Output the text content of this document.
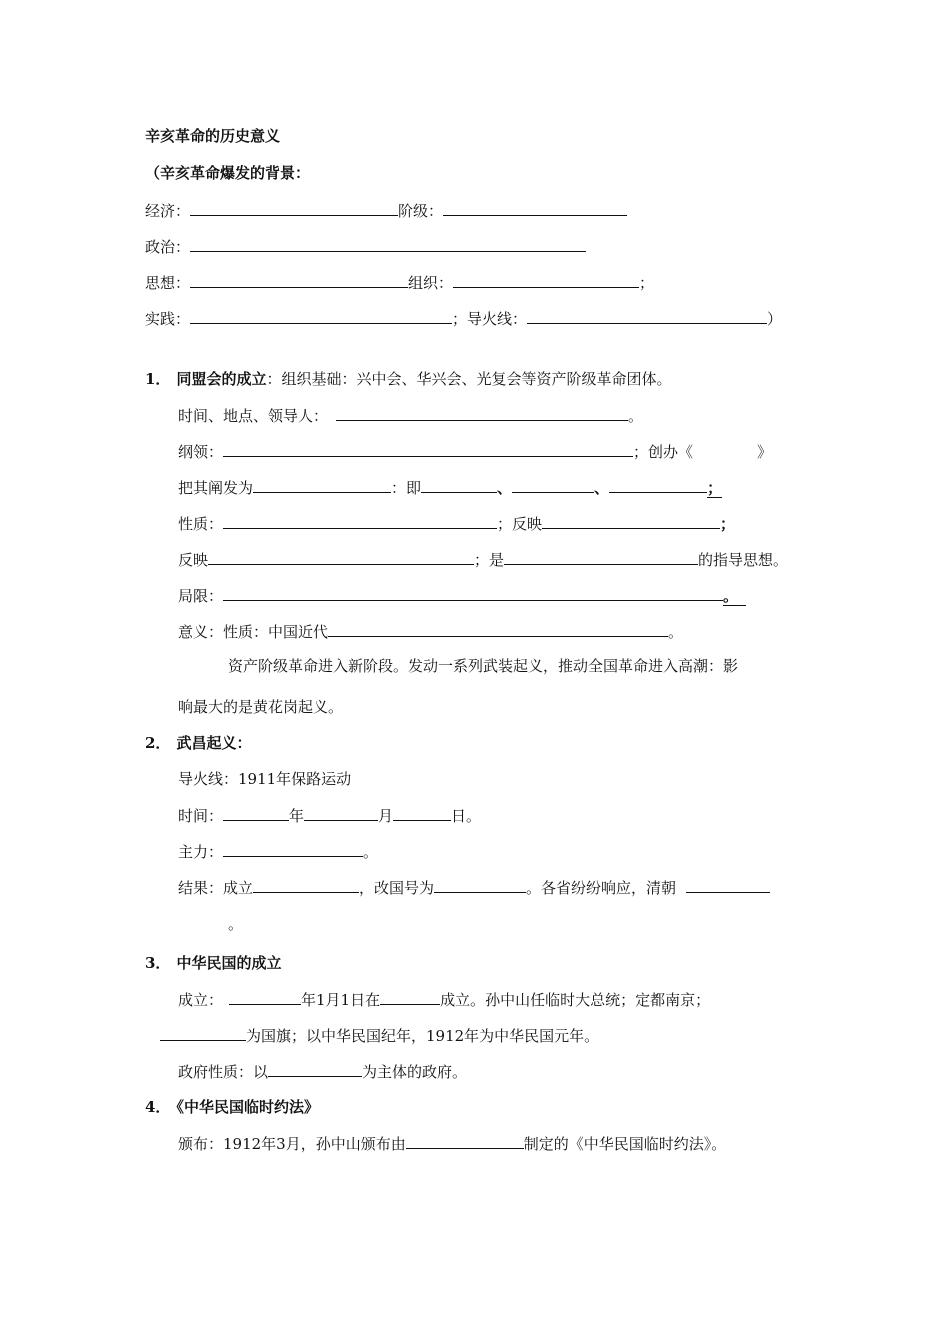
辛亥革命的历史意义
（辛亥革命爆发的背景：
经济：	阶级：
政治：
思想：	组织：	；
实践：	；导火线：	）
1． 同盟会的成立：组织基础：兴中会、华兴会、光复会等资产阶级革命团体。
时间、地点、领导人：	。
纲领：	；创办《	》
把其阐发为	：即	、	、	；
性质：	；反映	；
反映	；是	的指导思想。
局限：	。
意义：性质：中国近代	。
资产阶级革命进入新阶段。发动一系列武装起义，推动全国革命进入高潮：影
响最大的是黄花岗起义。
2． 武昌起义：
导火线：1911年保路运动
时间：	年	月	日。
主力：	。
结果：成立	，改国号为	。各省纷纷响应，清朝
。
3． 中华民国的成立
成立：	年1月1日在	成立。孙中山任临时大总统；定都南京；
为国旗；以中华民国纪年，1912年为中华民国元年。
政府性质：以	为主体的政府。
4． 《中华民国临时约法》
颁布：1912年3月，孙中山颁布由	制定的《中华民国临时约法》。
